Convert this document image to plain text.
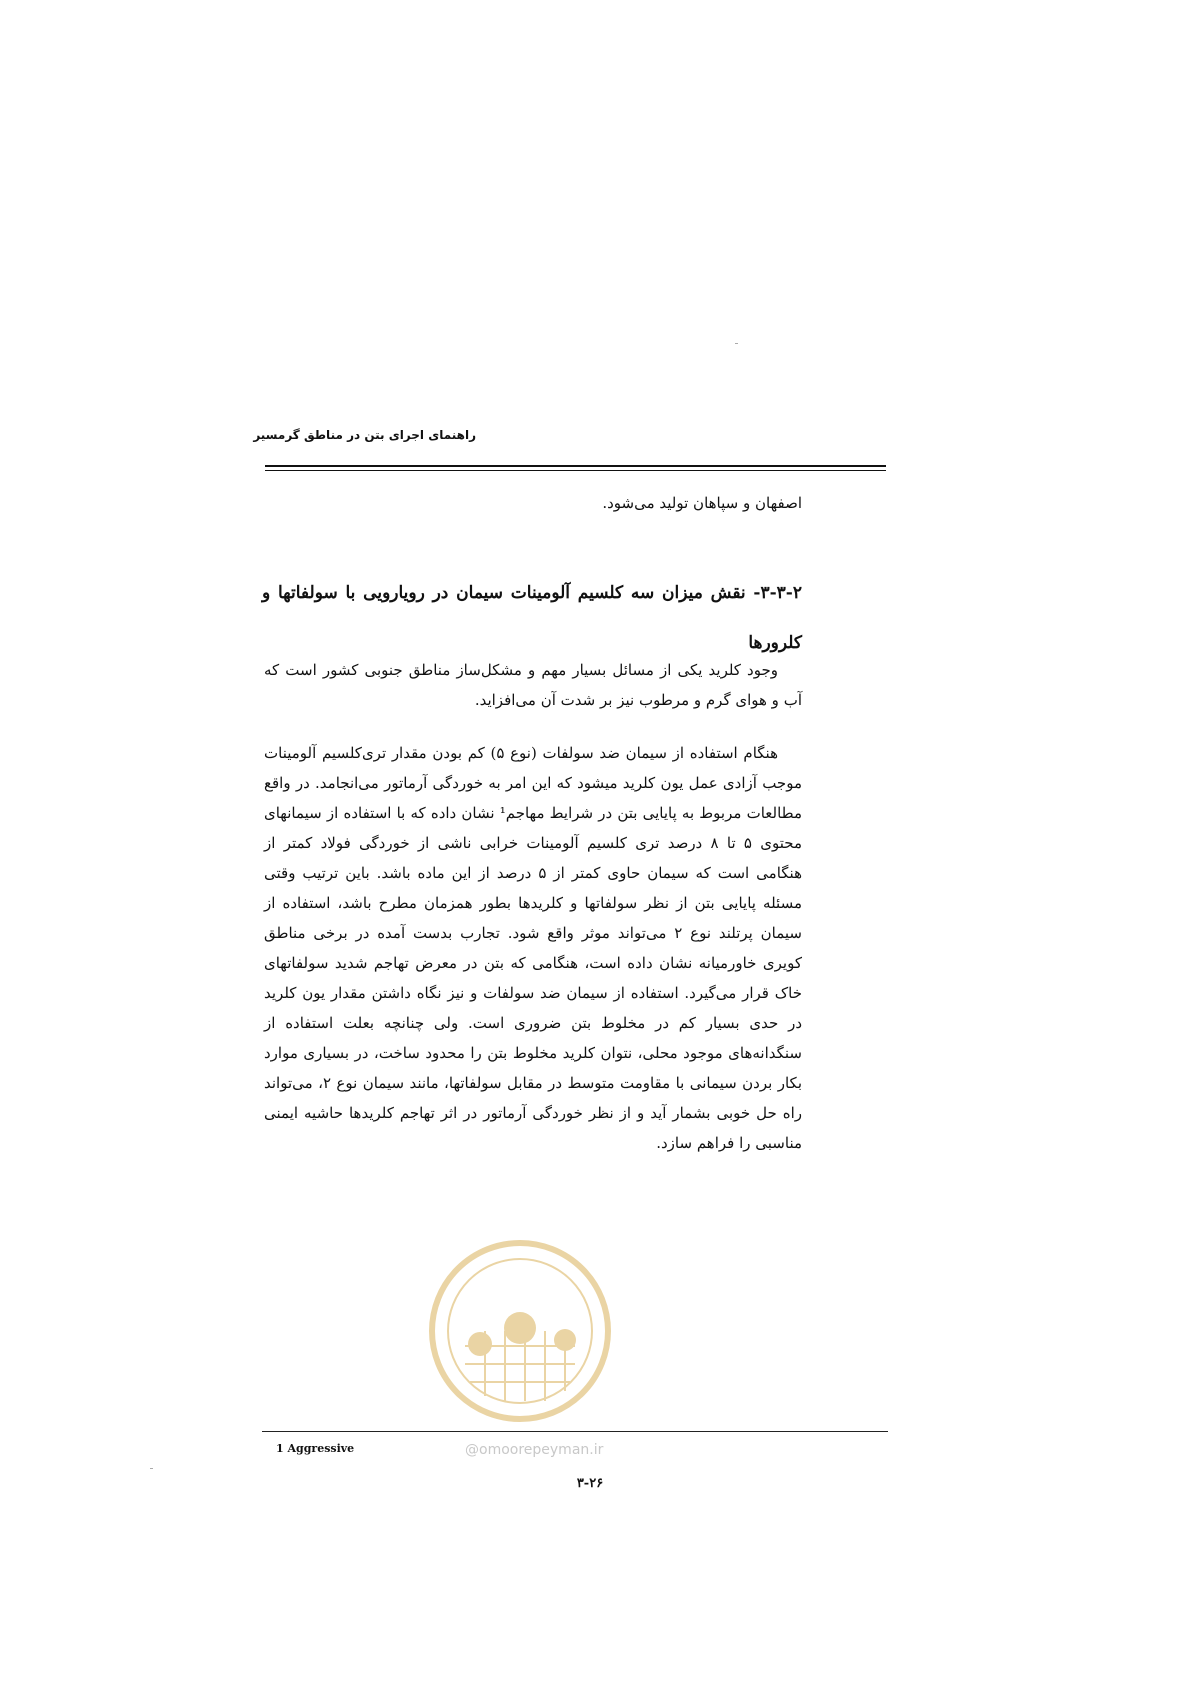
راهنمای اجرای بتن در مناطق گرمسیر

اصفهان و سپاهان تولید می‌شود.

۳-۳-۲- نقش میزان سه کلسیم آلومینات سیمان در رویارویی با سولفاتها و
کلرورها

وجود کلرید یکی از مسائل بسیار مهم و مشکل‌ساز مناطق جنوبی کشور است که آب و هوای گرم و مرطوب نیز بر شدت آن می‌افزاید.

هنگام استفاده از سیمان ضد سولفات (نوع ۵) کم بودن مقدار تری‌کلسیم آلومینات موجب آزادی عمل یون کلرید میشود که این امر به خوردگی آرماتور می‌انجامد. در واقع مطالعات مربوط به پایایی بتن در شرایط مهاجم¹ نشان داده که با استفاده از سیمانهای محتوی ۵ تا ۸ درصد تری کلسیم آلومینات خرابی ناشی از خوردگی فولاد کمتر از هنگامی است که سیمان حاوی کمتر از ۵ درصد از این ماده باشد. باین ترتیب وقتی مسئله پایایی بتن از نظر سولفاتها و کلریدها بطور همزمان مطرح باشد، استفاده از سیمان پرتلند نوع ۲ می‌تواند موثر واقع شود. تجارب بدست آمده در برخی مناطق کویری خاورمیانه نشان داده است، هنگامی که بتن در معرض تهاجم شدید سولفاتهای خاک قرار می‌گیرد. استفاده از سیمان ضد سولفات و نیز نگاه داشتن مقدار یون کلرید در حدی بسیار کم در مخلوط بتن ضروری است. ولی چنانچه بعلت استفاده از سنگدانه‌های موجود محلی، نتوان کلرید مخلوط بتن را محدود ساخت، در بسیاری موارد بکار بردن سیمانی با مقاومت متوسط در مقابل سولفاتها، مانند سیمان نوع ۲، می‌تواند راه حل خوبی بشمار آید و از نظر خوردگی آرماتور در اثر تهاجم کلریدها حاشیه ایمنی مناسبی را فراهم سازد.

@omoorepeyman.ir
1 Aggressive
۳-۲۶
